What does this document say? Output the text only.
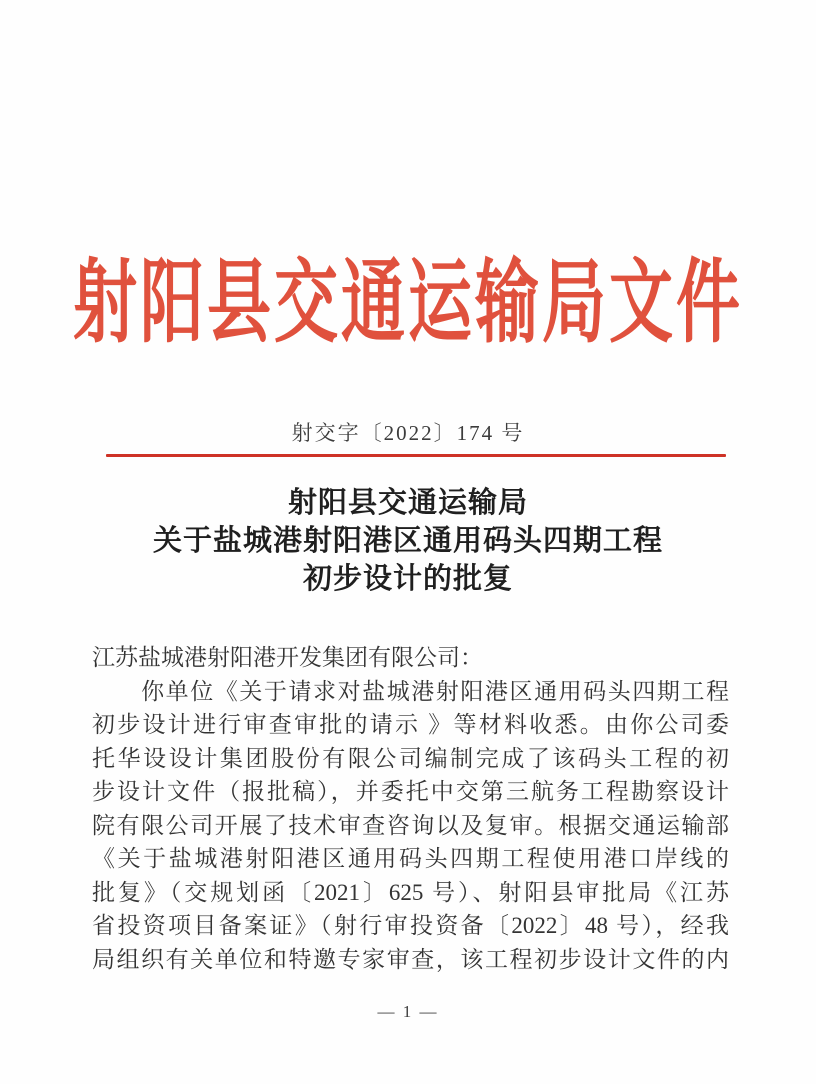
射阳县交通运输局文件
射交字〔2022〕174 号
射阳县交通运输局
关于盐城港射阳港区通用码头四期工程
初步设计的批复
江苏盐城港射阳港开发集团有限公司：
　　你单位《关于请求对盐城港射阳港区通用码头四期工程
初步设计进行审查审批的请示 》等材料收悉。由你公司委
托华设设计集团股份有限公司编制完成了该码头工程的初
步设计文件（报批稿），并委托中交第三航务工程勘察设计
院有限公司开展了技术审查咨询以及复审。根据交通运输部
《关于盐城港射阳港区通用码头四期工程使用港口岸线的
批复》（交规划函〔2021〕625 号）、射阳县审批局《江苏
省投资项目备案证》（射行审投资备〔2022〕48 号），经我
局组织有关单位和特邀专家审查，该工程初步设计文件的内
— 1 —
